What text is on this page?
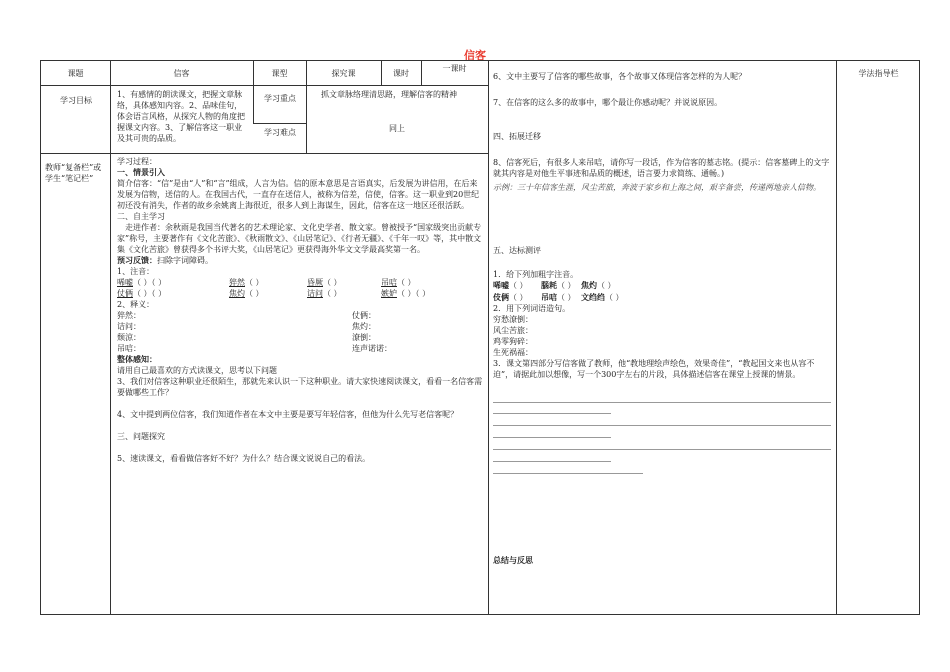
信客
课题	信客	课型	探究课	课时
一课时
学法指导栏
学习目标
1、有感情的朗读课文，把握文章脉络，具体感知内容。2、品味佳句，体会语言风格，从探究人物的角度把握课文内容。3、了解信客这一职业及其可贵的品质。
学习重点	抓文章脉络理清思路，理解信客的精神
学习难点	同上
教师“复备栏”或学生“笔记栏”
学习过程：
一、情景引入
简介信客：“信”是由“人”和“言”组成，人言为信。信的原本意思是言语真实，后发展为讲信用，在后来发展为信物，送信的人。在我国古代，一直存在送信人，被称为信差，信使，信客。这一职业到20世纪初还没有消失，作者的故乡余姚离上海很近，很多人到上海谋生，因此，信客在这一地区还很活跃。
二、自主学习
走进作者：余秋雨是我国当代著名的艺术理论家、文化史学者、散文家。曾被授予“国家级突出贡献专家”称号，主要著作有《文化苦旅》、《秋雨散文》、《山居笔记》、《行者无疆》、《千年一叹》等，其中散文集《文化苦旅》曾获得多个书评大奖，《山居笔记》更获得海外华文文学最高奖第一名。
预习反馈：扫除字词障碍。
1、注音：
唏嘘（ ）（ ）	猝然（ ）	昏厥（ ）	吊唁（ ）
仗俩（ ）（ ）	焦灼（ ）	诘问（ ）	嫉妒（ ）（ ）
2、释义：
猝然：	仗俩：
诘问：	焦灼：
颓涼：	潦倒：
吊唁：	连声诺诺：
整体感知：
请用自己最喜欢的方式读课文，思考以下问题
3、我们对信客这种职业还很陌生，那就先来认识一下这种职业。请大家快速阅读课文，看看一名信客需要做哪些工作？
4、文中提到两位信客，我们知道作者在本文中主要是要写年轻信客，但他为什么先写老信客呢？
三、问题探究
5、速读课文，看看做信客好不好？为什么？结合课文说说自己的看法。
6、文中主要写了信客的哪些故事，各个故事又体现信客怎样的为人呢？
7、在信客的这么多的故事中，哪个最让你感动呢？并说说原因。
四、拓展迁移
8、信客死后，有很多人来吊唁，请你写一段话，作为信客的墓志铭。(提示：信客墓碑上的文字就其内容是对他生平事迹和品质的概述，语言要力求简练、通畅。)
示例：三十年信客生涯，风尘苦旅，奔波于家乡和上海之间，艰辛备尝，传递两地亲人信物。
五、达标测评
1．给下列加粗字注音。
唏嘘（ ） 腦耗（ ） 焦灼（ ）
伎俩（ ） 吊唁（ ） 文绉绉（ ）
2．用下列词语造句。
穷愁潦倒：
风尘苦旅：
鸡零狗碎：
生死祸福：
3．课文第四部分写信客做了教师，他“教地理绘声绘色，效果奇佳”，“教起国文来也从容不迫”，请据此加以想像，写一个300字左右的片段，具体描述信客在课堂上授课的情景。
总结与反思
